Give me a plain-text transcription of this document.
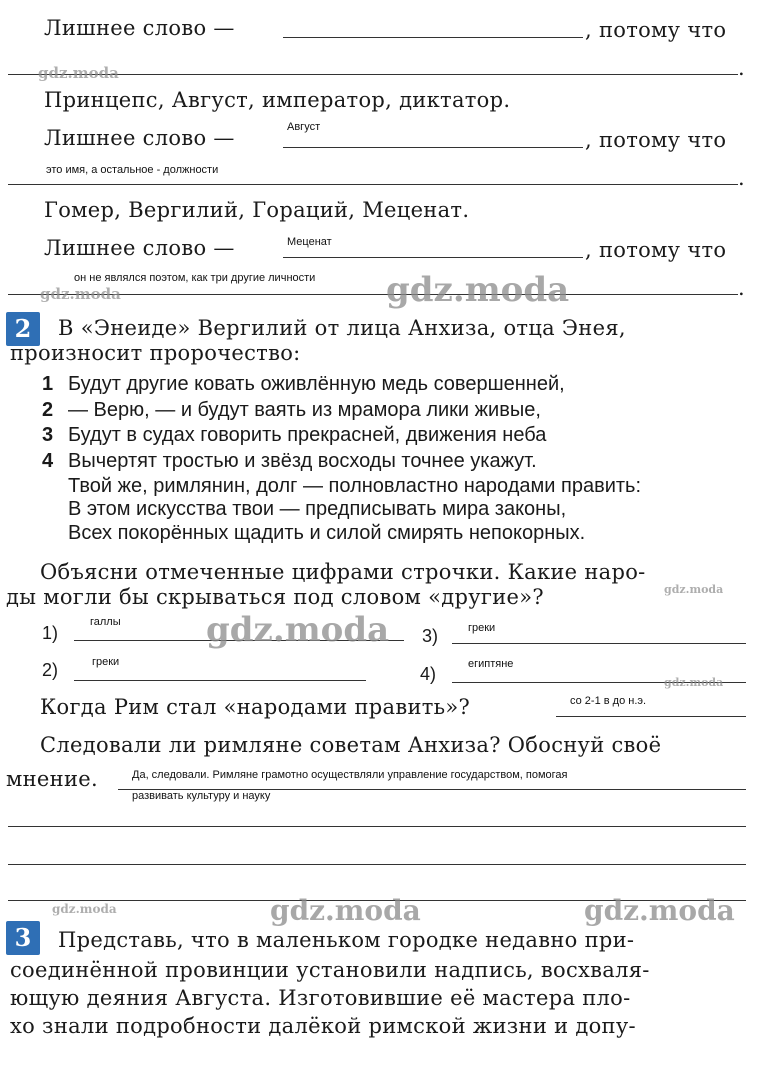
Лишнее слово —	, потому что
.
Принцепс, Август, император, диктатор.
Лишнее слово —	Август
, потому что
это имя, а остальное - должности	.
Гомер, Вергилий, Гораций, Меценат.
Лишнее слово —	Меценат	, потому что
он не являлся поэтом, как три другие личности	.
2	В «Энеиде» Вергилий от лица Анхиза, отца Энея,
произносит пророчество:
1 Будут другие ковать оживлённую медь совершенней,
2 — Верю, — и будут ваять из мрамора лики живые,
3 Будут в судах говорить прекрасней, движения неба
4 Вычертят тростью и звёзд восходы точнее укажут.
Твой же, римлянин, долг — полновластно народами править:
В этом искусства твои — предписывать мира законы,
Всех покорённых щадить и силой смирять непокорных.
Объясни отмеченные цифрами строчки. Какие наро-
ды могли бы скрываться под словом «другие»?
1)
галлы
3)	греки
2)	греки
4)	египтяне
Когда Рим стал «народами править»?	со 2-1 в до н.э.
Следовали ли римляне советам Анхиза? Обоснуй своё
мнение.	Да, следовали. Римляне грамотно осуществляли управление государством, помогая
развивать культуру и науку
3	Представь, что в маленьком городке недавно при-
соединённой провинции установили надпись, восхваля-
ющую деяния Августа. Изготовившие её мастера пло-
хо знали подробности далёкой римской жизни и допу-
gdz.moda
gdz.moda	gdz.moda
gdz.moda
gdz.moda
gdz.moda
gdz.moda	gdz.moda	gdz.moda
